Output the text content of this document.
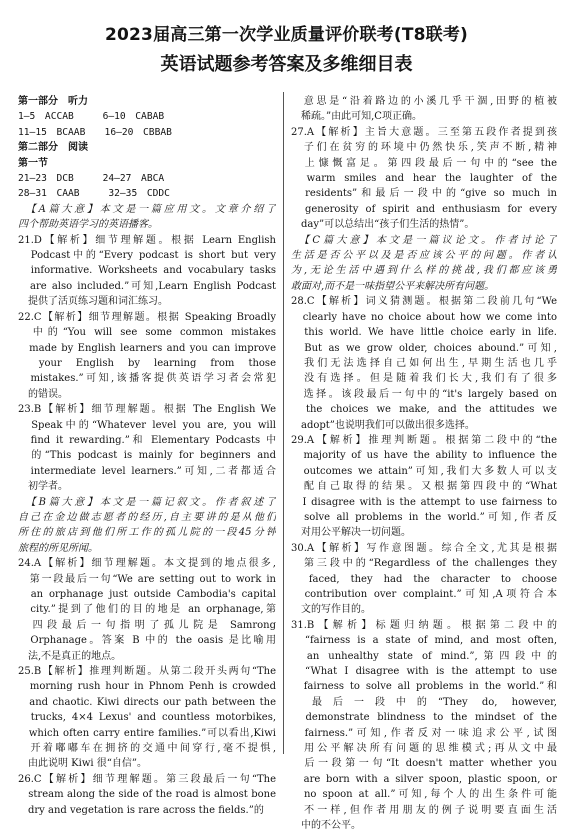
2023届高三第一次学业质量评价联考(T8联考)
英语试题参考答案及多维细目表
第一部分　听力
1—5　ACCAB　　　6—10　CABAB
11—15　BCAAB　　16—20　CBBAB
第二部分　阅读
第一节
21—23　DCB　　　24—27　ABCA
28—31　CAAB　　　32—35　CDDC
　【A篇大意】本文是一篇应用文。文章介绍了
四个帮助英语学习的英语播客。
21.D【解析】细节理解题。根据 Learn English
　Podcast中的“Every podcast is short but very
　informative. Worksheets and vocabulary tasks
　are also included.”可知,Learn English Podcast
　提供了活页练习题和词汇练习。
22.C【解析】细节理解题。根据 Speaking Broadly
　中的“You will see some common mistakes
　made by English learners and you can improve
　your English by learning from those
　mistakes.”可知,该播客提供英语学习者会常犯
　的错误。
23.B【解析】细节理解题。根据 The English We
　Speak中的“Whatever level you are, you will
　find it rewarding.”和 Elementary Podcasts 中
　的“This podcast is mainly for beginners and
　intermediate level learners.”可知,二者都适合
　初学者。
　【B篇大意】本文是一篇记叙文。作者叙述了
自己在金边做志愿者的经历,自主要讲的是从他们
所住的旅店到他们所工作的孤儿院的一段45分钟
旅程的所见所闻。
24.A【解析】细节理解题。本文提到的地点很多,
　第一段最后一句“We are setting out to work in
　an orphanage just outside Cambodia's capital
　city.”提到了他们的目的地是 an orphanage,第
　四段最后一句指明了孤儿院是 Samrong
　Orphanage。答案 B 中的 the oasis 是比喻用
　法,不是真正的地点。
25.B【解析】推理判断题。从第二段开头两句“The
　morning rush hour in Phnom Penh is crowded
　and chaotic. Kiwi directs our path between the
　trucks, 4×4 Lexus' and countless motorbikes,
　which often carry entire families.”可以看出,Kiwi
　开着嘟嘟车在拥挤的交通中间穿行,毫不提惧,
　由此说明 Kiwi 很“自信”。
26.C【解析】细节理解题。第三段最后一句“The
　stream along the side of the road is almost bone
　dry and vegetation is rare across the fields.”的
　意思是“沿着路边的小溪几乎干涸,田野的植被
　稀疏。”由此可知,C项正确。
27.A【解析】主旨大意题。三至第五段作者提到孩
　子们在贫穷的环境中仍然快乐,笑声不断,精神
　上慷慨富足。第四段最后一句中的“see the
　warm smiles and hear the laughter of the
　residents”和最后一段中的“give so much in
　generosity of spirit and enthusiasm for every
　day”可以总结出“孩子们生活的热情”。
　【C篇大意】本文是一篇议论文。作者讨论了
生活是否公平以及是否应该公平的问题。作者认
为,无论生活中遇到什么样的挑战,我们都应该勇
敢面对,而不是一味指望公平来解决所有问题。
28.C【解析】词义猜测题。根据第二段前几句“We
　clearly have no choice about how we come into
　this world. We have little choice early in life.
　But as we grow older, choices abound.”可知,
　我们无法选择自己如何出生,早期生活也几乎
　没有选择。但是随着我们长大,我们有了很多
　选择。该段最后一句中的“it's largely based on
　the choices we make, and the attitudes we
　adopt”也说明我们可以做出很多选择。
29.A【解析】推理判断题。根据第二段中的“the
　majority of us have the ability to influence the
　outcomes we attain”可知,我们大多数人可以支
　配自己取得的结果。又根据第四段中的“What
　I disagree with is the attempt to use fairness to
　solve all problems in the world.”可知,作者反
　对用公平解决一切问题。
30.A【解析】写作意图题。综合全文,尤其是根据
　第三段中的“Regardless of the challenges they
　faced, they had the character to choose
　contribution over complaint.”可知,A项符合本
　文的写作目的。
31.B【解析】标题归纳题。根据第二段中的
　“fairness is a state of mind, and most often,
　an unhealthy state of mind.”,第四段中的
　“What I disagree with is the attempt to use
　fairness to solve all problems in the world.”和
　最后一段中的“They do, however,
　demonstrate blindness to the mindset of the
　fairness.”可知,作者反对一味追求公平,试图
　用公平解决所有问题的思维模式;再从文中最
　后一段第一句“It doesn't matter whether you
　are born with a silver spoon, plastic spoon, or
　no spoon at all.”可知,每个人的出生条件可能
　不一样,但作者用朋友的例子说明要直面生活
　中的不公平。
